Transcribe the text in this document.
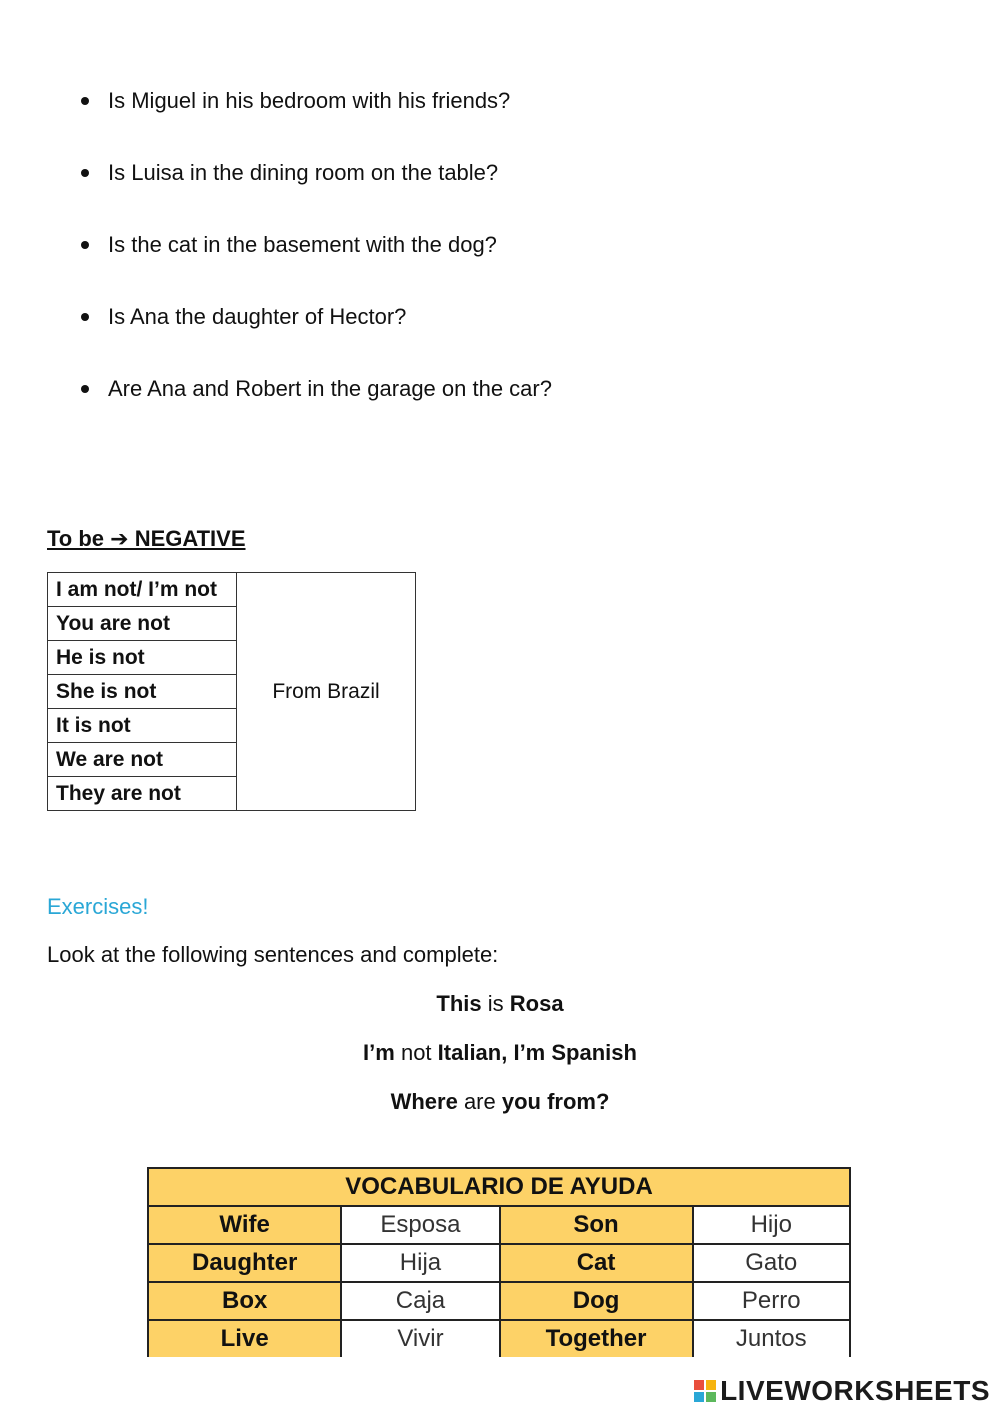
Is Miguel in his bedroom with his friends?
Is Luisa in the dining room on the table?
Is the cat in the basement with the dog?
Is Ana the daughter of Hector?
Are Ana and Robert in the garage on the car?
To be ➔ NEGATIVE
I am not/ I’m not	From Brazil
You are not
He is not
She is not
It is not
We are not
They are not
Exercises!
Look at the following sentences and complete:
This is Rosa
I’m not Italian, I’m Spanish
Where are you from?
VOCABULARIO DE AYUDA			
Wife	Esposa	Son	Hijo
Daughter	Hija	Cat	Gato
Box	Caja	Dog	Perro
Live	Vivir	Together	Juntos
LIVEWORKSHEETS
